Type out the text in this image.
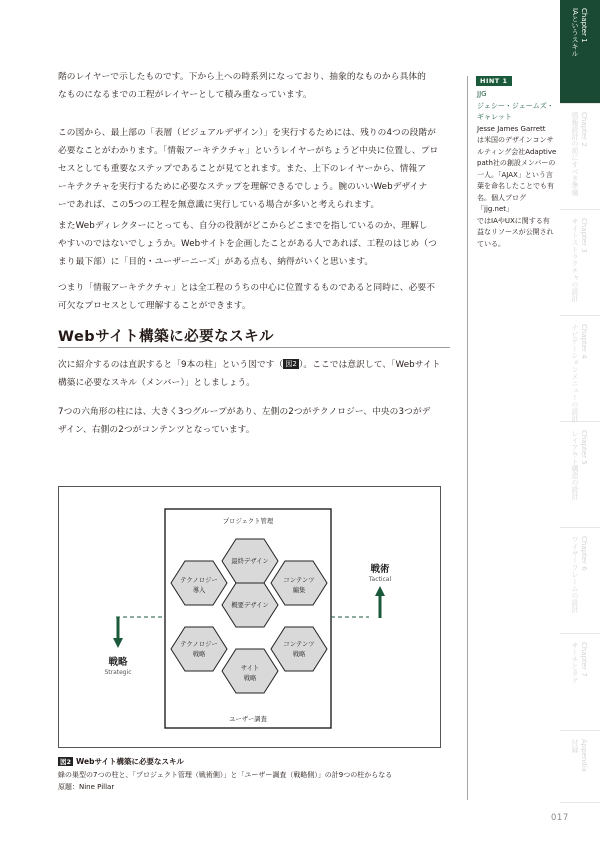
階のレイヤーで示したものです。下から上への時系列になっており、抽象的なものから具体的
なものになるまでの工程がレイヤーとして積み重なっています。

この図から、最上部の「表層（ビジュアルデザイン）」を実行するためには、残りの4つの段階が
必要なことがわかります。「情報アーキテクチャ」というレイヤーがちょうど中央に位置し、プロ
セスとしても重要なステップであることが見てとれます。また、上下のレイヤーから、情報ア
ーキテクチャを実行するために必要なステップを理解できるでしょう。腕のいいWebデザイナ
ーであれば、この5つの工程を無意識に実行している場合が多いと考えられます。

またWebディレクターにとっても、自分の役割がどこからどこまでを指しているのか、理解し
やすいのではないでしょうか。Webサイトを企画したことがある人であれば、工程のはじめ（つ
まり最下部）に「目的・ユーザーニーズ」がある点も、納得がいくと思います。

つまり「情報アーキテクチャ」とは全工程のうちの中心に位置するものであると同時に、必要不
可欠なプロセスとして理解することができます。

Webサイト構築に必要なスキル

次に紹介するのは直訳すると「9本の柱」という図です（ 図2 ）。ここでは意訳して、「Webサイト
構築に必要なスキル（メンバー）」としましょう。

7つの六角形の柱には、大きく3つグループがあり、左側の2つがテクノロジー、中央の3つがデ
ザイン、右側の2つがコンテンツとなっています。

HINT 1
JJG
ジェシー・ジェームズ・
ギャレット
Jesse James Garrett
は米国のデザインコンサ
ルティング会社Adaptive
path社の創設メンバーの
一人。「AJAX」という言
葉を命名したことでも有
名。個人ブログ「jjg.net」
ではIAやUXに関する有
益なリソースが公開され
ている。
Chapter 1
IAというスキル
Chapter 2
情報設計の前にすべき準備
Chapter 3
サイトストラクチャの設計
Chapter 4
ナビゲーションメニューの設計
Chapter 5
レイアウト構造の設計
Chapter 6
ワイヤーフレームの設計
Chapter 7
サーチとタグ
Appendix
付録
プロジェクト管理
ユーザー調査
最終デザイン
テクノロジー
導入
コンテンツ
編集
概要デザイン
テクノロジー
戦略
コンテンツ
戦略
サイト
戦略
戦術
Tactical
戦略
Strategic
図2 Webサイト構築に必要なスキル
蜂の巣型の7つの柱と、「プロジェクト管理（戦術側）」と「ユーザー調査（戦略側）」の計9つの柱からなる
原題：Nine Pillar
017
